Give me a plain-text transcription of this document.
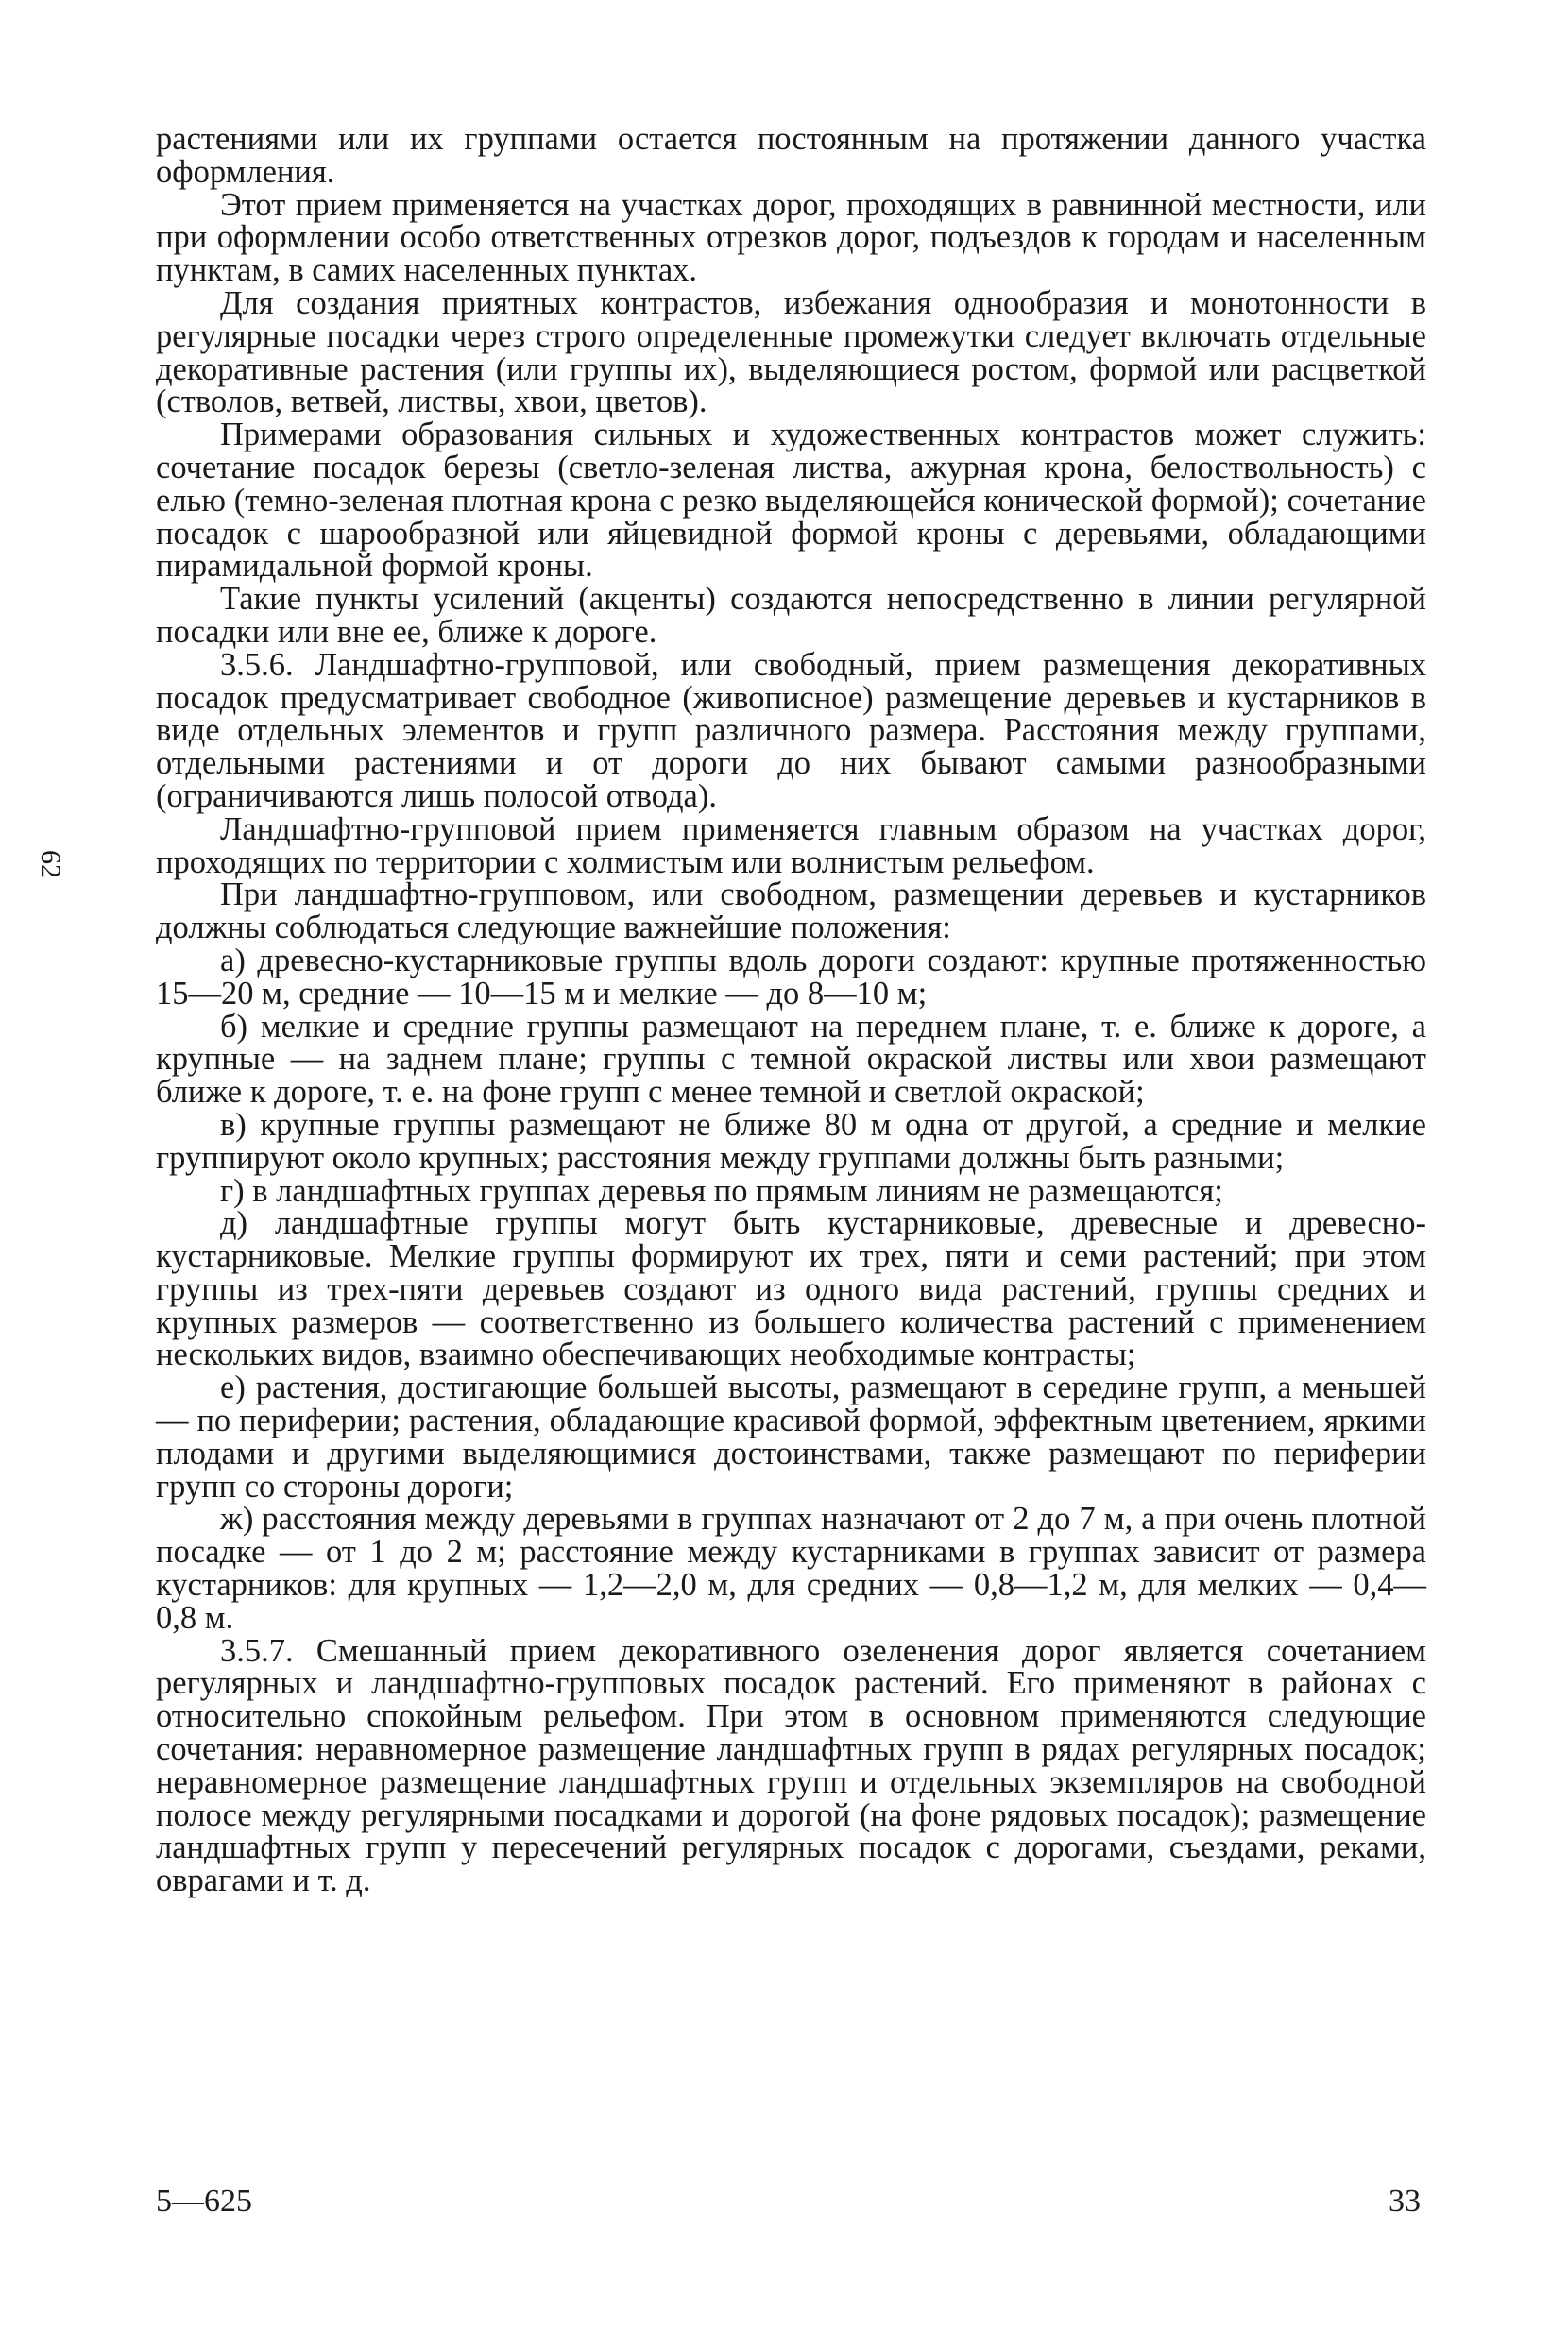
62

растениями или их группами остается постоянным на протяжении данного участка оформления.

Этот прием применяется на участках дорог, проходящих в равнинной местности, или при оформлении особо ответственных отрезков дорог, подъездов к городам и населенным пунктам, в самих населенных пунктах.

Для создания приятных контрастов, избежания однообразия и монотонности в регулярные посадки через строго определенные промежутки следует включать отдельные декоративные растения (или группы их), выделяющиеся ростом, формой или расцветкой (стволов, ветвей, листвы, хвои, цветов).

Примерами образования сильных и художественных контрастов может служить: сочетание посадок березы (светло-зеленая листва, ажурная крона, белоствольность) с елью (темно-зеленая плотная крона с резко выделяющейся конической формой); сочетание посадок с шарообразной или яйцевидной формой кроны с деревьями, обладающими пирамидальной формой кроны.

Такие пункты усилений (акценты) создаются непосредственно в линии регулярной посадки или вне ее, ближе к дороге.

3.5.6. Ландшафтно-групповой, или свободный, прием размещения декоративных посадок предусматривает свободное (живописное) размещение деревьев и кустарников в виде отдельных элементов и групп различного размера. Расстояния между группами, отдельными растениями и от дороги до них бывают самыми разнообразными (ограничиваются лишь полосой отвода).

Ландшафтно-групповой прием применяется главным образом на участках дорог, проходящих по территории с холмистым или волнистым рельефом.

При ландшафтно-групповом, или свободном, размещении деревьев и кустарников должны соблюдаться следующие важнейшие положения:

а) древесно-кустарниковые группы вдоль дороги создают: крупные протяженностью 15—20 м, средние — 10—15 м и мелкие — до 8—10 м;

б) мелкие и средние группы размещают на переднем плане, т. е. ближе к дороге, а крупные — на заднем плане; группы с темной окраской листвы или хвои размещают ближе к дороге, т. е. на фоне групп с менее темной и светлой окраской;

в) крупные группы размещают не ближе 80 м одна от другой, а средние и мелкие группируют около крупных; расстояния между группами должны быть разными;

г) в ландшафтных группах деревья по прямым линиям не размещаются;

д) ландшафтные группы могут быть кустарниковые, древесные и древесно-кустарниковые. Мелкие группы формируют их трех, пяти и семи растений; при этом группы из трех-пяти деревьев создают из одного вида растений, группы средних и крупных размеров — соответственно из большего количества растений с применением нескольких видов, взаимно обеспечивающих необходимые контрасты;

е) растения, достигающие большей высоты, размещают в середине групп, а меньшей — по периферии; растения, обладающие красивой формой, эффектным цветением, яркими плодами и другими выделяющимися достоинствами, также размещают по периферии групп со стороны дороги;

ж) расстояния между деревьями в группах назначают от 2 до 7 м, а при очень плотной посадке — от 1 до 2 м; расстояние между кустарниками в группах зависит от размера кустарников: для крупных — 1,2—2,0 м, для средних — 0,8—1,2 м, для мелких — 0,4—0,8 м.

3.5.7. Смешанный прием декоративного озеленения дорог является сочетанием регулярных и ландшафтно-групповых посадок растений. Его применяют в районах с относительно спокойным рельефом. При этом в основном применяются следующие сочетания: неравномерное размещение ландшафтных групп в рядах регулярных посадок; неравномерное размещение ландшафтных групп и отдельных экземпляров на свободной полосе между регулярными посадками и дорогой (на фоне рядовых посадок); размещение ландшафтных групп у пересечений регулярных посадок с дорогами, съездами, реками, оврагами и т. д.

5—625	33
